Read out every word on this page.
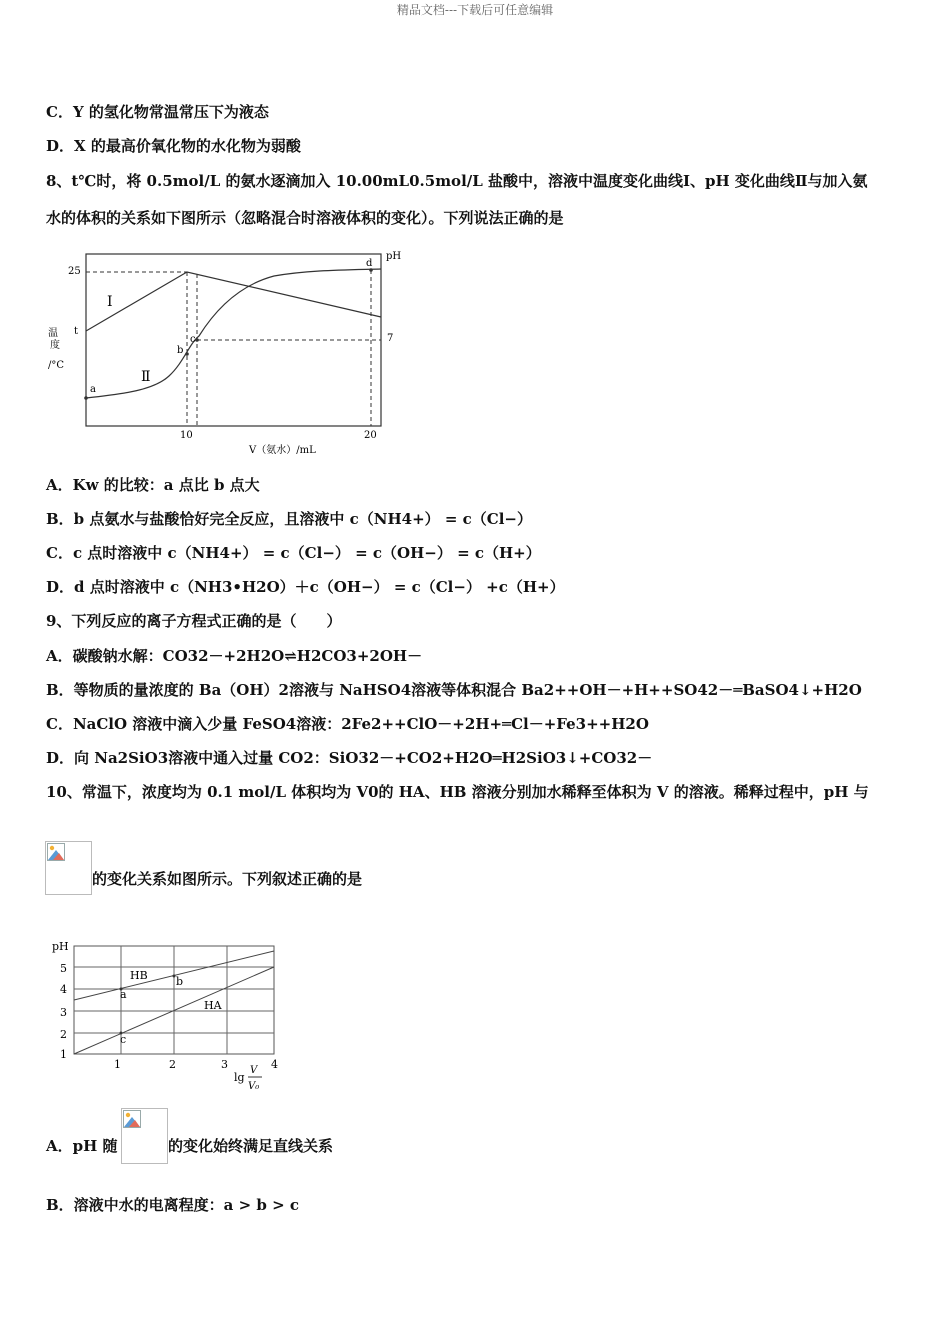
精品文档---下载后可任意编辑
C．Y 的氢化物常温常压下为液态
D．X 的最高价氧化物的水化物为弱酸
8、t℃时，将 0.5mol/L 的氨水逐滴加入 10.00mL0.5mol/L 盐酸中，溶液中温度变化曲线Ⅰ、pH 变化曲线Ⅱ与加入氨
水的体积的关系如下图所示（忽略混合时溶液体积的变化）。下列说法正确的是
a
b
c
d
Ⅰ
Ⅱ
25
t
7
pH
10	20
温
度
/°C
V（氨水）/mL
A．Kw 的比较：a 点比 b 点大
B．b 点氨水与盐酸恰好完全反应，且溶液中 c（NH4+） = c（Cl−）
C．c 点时溶液中 c（NH4+） = c（Cl−） = c（OH−） = c（H+）
D．d 点时溶液中 c（NH3•H2O）＋c（OH−） = c（Cl−） +c（H+）
9、下列反应的离子方程式正确的是（　　）
A．碳酸钠水解：CO32－+2H2O⇌H2CO3+2OH－
B．等物质的量浓度的 Ba（OH）2溶液与 NaHSO4溶液等体积混合 Ba2++OH－+H++SO42－═BaSO4↓+H2O
C．NaClO 溶液中滴入少量 FeSO4溶液：2Fe2++ClO－+2H+═Cl－+Fe3++H2O
D．向 Na2SiO3溶液中通入过量 CO2：SiO32－+CO2+H2O═H2SiO3↓+CO32－
10、常温下，浓度均为 0.1 mol/L 体积均为 V0的 HA、HB 溶液分别加水稀释至体积为 V 的溶液。稀释过程中，pH 与
的变化关系如图所示。下列叙述正确的是
a
b
c
HB
HA
pH
5
4
3
2
1
1	2	3	4
lg
V
V₀
A．pH 随	的变化始终满足直线关系
B．溶液中水的电离程度：a > b > c
